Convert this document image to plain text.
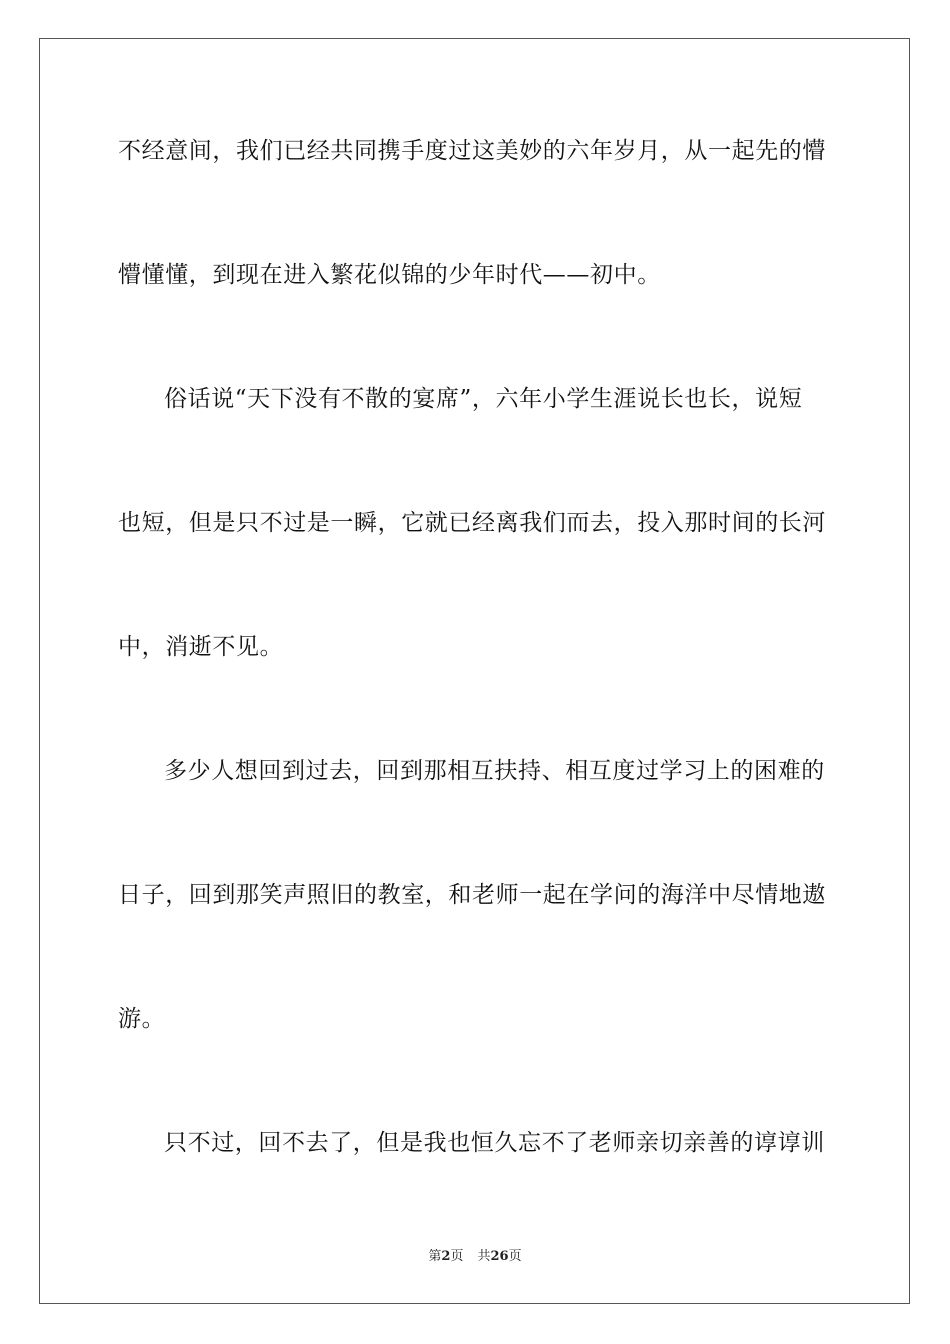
不经意间，我们已经共同携手度过这美妙的六年岁月，从一起先的懵
懵懂懂，到现在进入繁花似锦的少年时代——初中。
俗话说“天下没有不散的宴席”，六年小学生涯说长也长，说短
也短，但是只不过是一瞬，它就已经离我们而去，投入那时间的长河
中，消逝不见。
多少人想回到过去，回到那相互扶持、相互度过学习上的困难的
日子，回到那笑声照旧的教室，和老师一起在学问的海洋中尽情地遨
游。
只不过，回不去了，但是我也恒久忘不了老师亲切亲善的谆谆训
第2页 共26页
